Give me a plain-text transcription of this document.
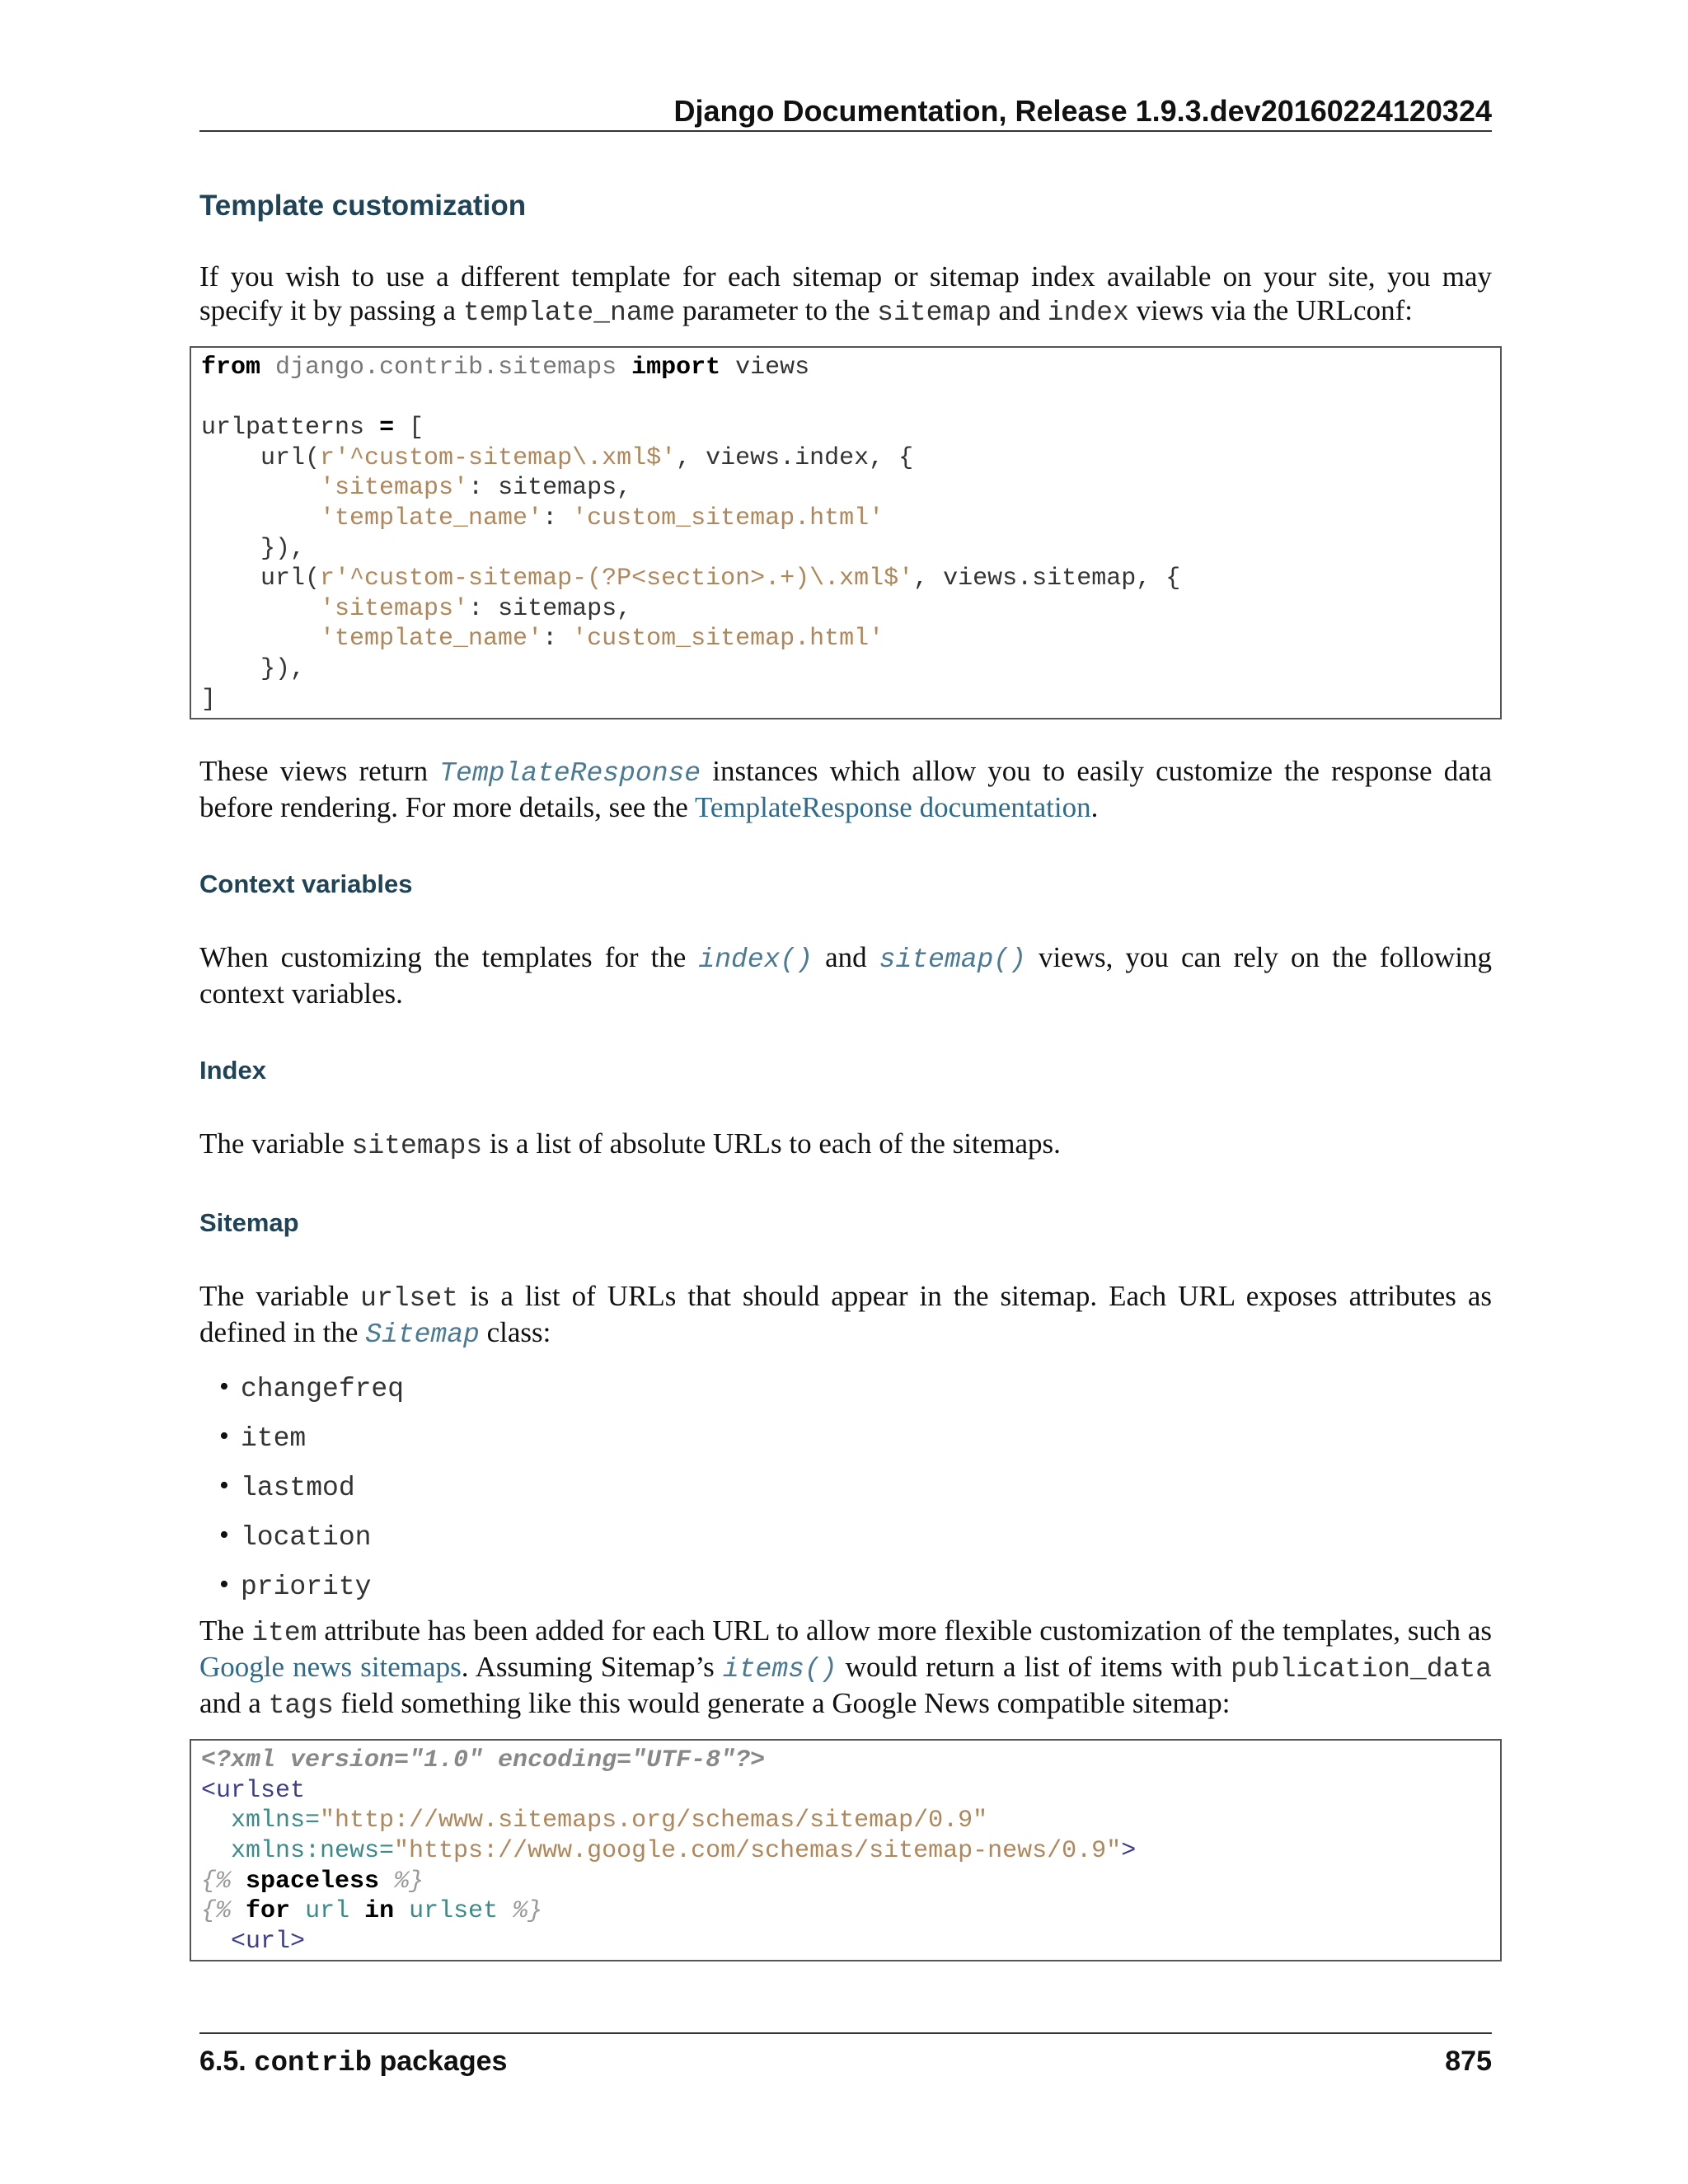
Django Documentation, Release 1.9.3.dev20160224120324
Template customization

If you wish to use a different template for each sitemap or sitemap index available on your site, you may specify it by passing a template_name parameter to the sitemap and index views via the URLconf:

from django.contrib.sitemaps import views

urlpatterns = [
url(r'^custom-sitemap\.xml$', views.index, {
'sitemaps': sitemaps,
'template_name': 'custom_sitemap.html'
}),
url(r'^custom-sitemap-(?P<section>.+)\.xml$', views.sitemap, {
'sitemaps': sitemaps,
'template_name': 'custom_sitemap.html'
}),
]

These views return TemplateResponse instances which allow you to easily customize the response data before rendering. For more details, see the TemplateResponse documentation.

Context variables

When customizing the templates for the index() and sitemap() views, you can rely on the following context variables.

Index

The variable sitemaps is a list of absolute URLs to each of the sitemaps.

Sitemap

The variable urlset is a list of URLs that should appear in the sitemap. Each URL exposes attributes as defined in the Sitemap class:

• changefreq
• item
• lastmod
• location
• priority

The item attribute has been added for each URL to allow more flexible customization of the templates, such as Google news sitemaps. Assuming Sitemap’s items() would return a list of items with publication_data and a tags field something like this would generate a Google News compatible sitemap:

<?xml version="1.0" encoding="UTF-8"?>
<urlset
xmlns="http://www.sitemaps.org/schemas/sitemap/0.9"
xmlns:news="https://www.google.com/schemas/sitemap-news/0.9">
{% spaceless %}
{% for url in urlset %}
<url>
6.5. contrib packages	875
